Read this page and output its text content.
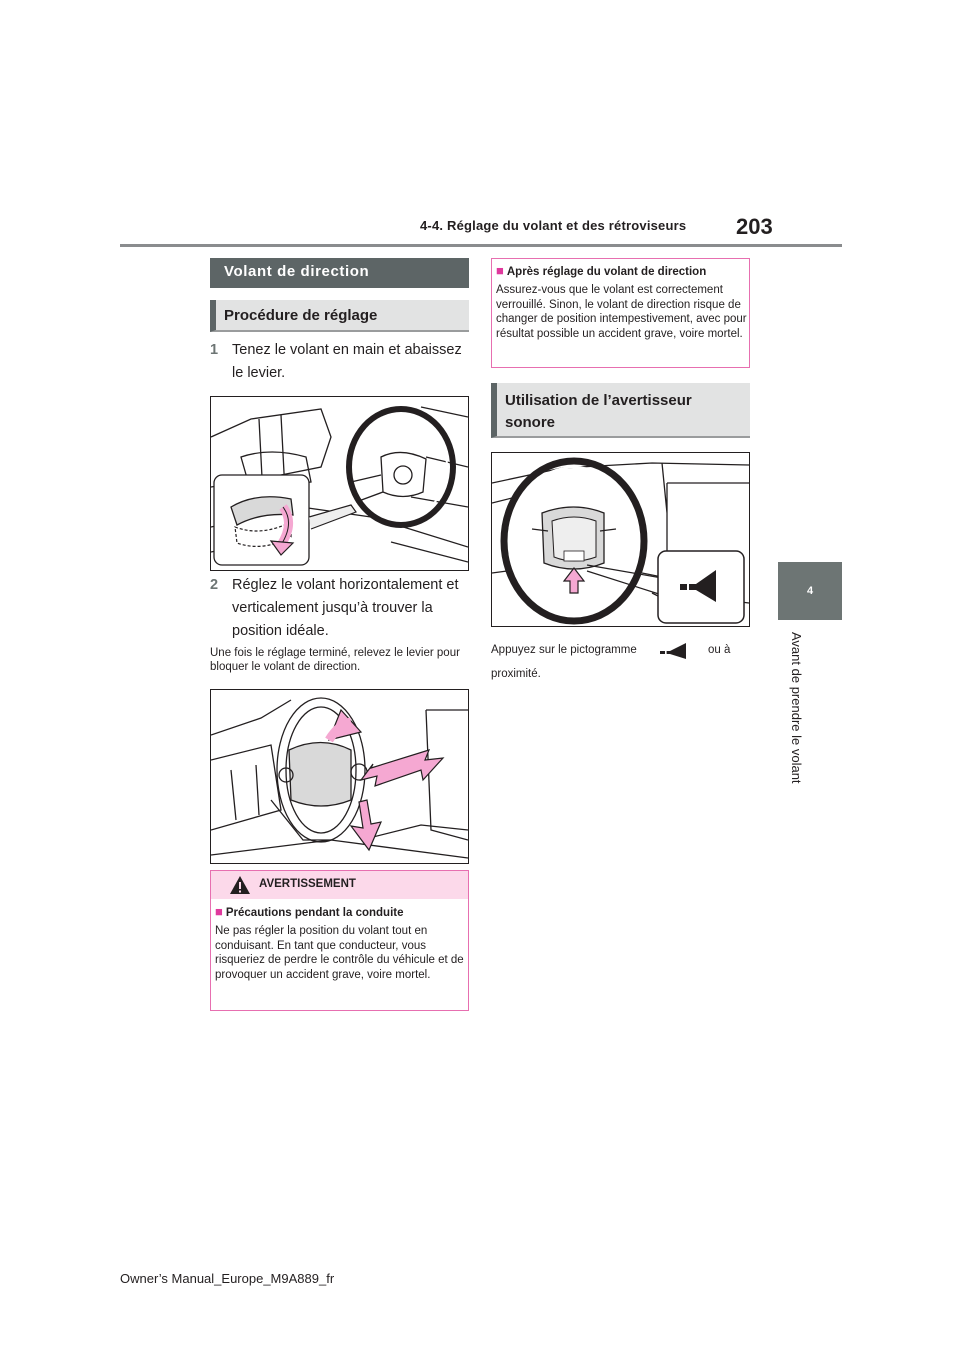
4-4. Réglage du volant et des rétroviseurs 203
4
Avant de prendre le volant
Volant de direction
Procédure de réglage
1 Tenez le volant en main et abaissez le levier.
2 Réglez le volant horizontalement et verticalement jusqu’à trouver la position idéale.
Une fois le réglage terminé, relevez le levier pour bloquer le volant de direction.
AVERTISSEMENT
■ Précautions pendant la conduite
Ne pas régler la position du volant tout en conduisant. En tant que conducteur, vous risqueriez de perdre le contrôle du véhicule et de provoquer un accident grave, voire mortel.
■ Après réglage du volant de direction
Assurez-vous que le volant est correctement verrouillé. Sinon, le volant de direction risque de changer de position intempestivement, avec pour résultat possible un accident grave, voire mortel.
Utilisation de l’avertisseur sonore
Appuyez sur le pictogramme	ou à
proximité.
Owner’s Manual_Europe_M9A889_fr
